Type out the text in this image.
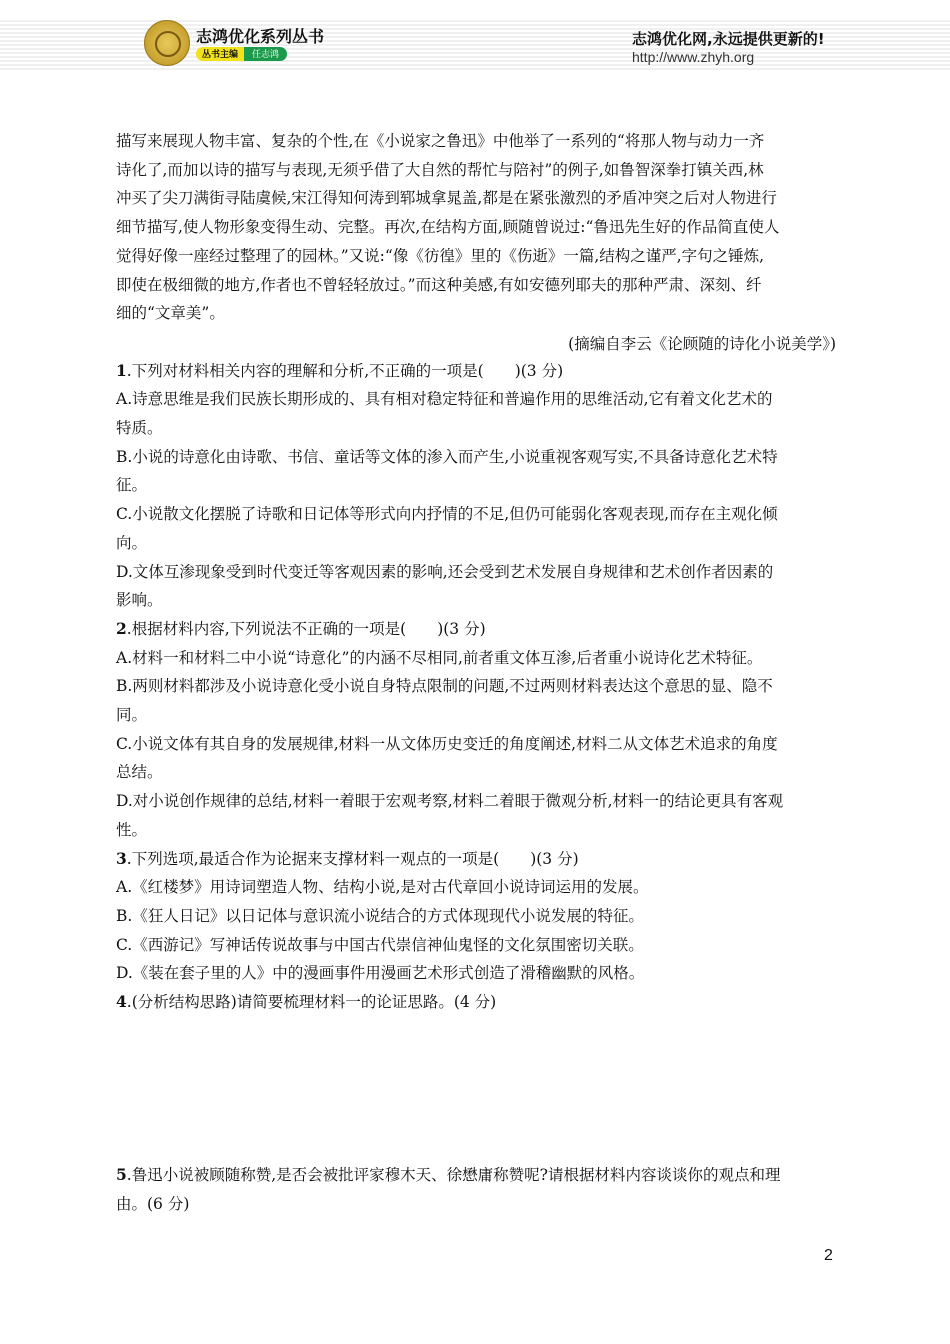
志鸿优化系列丛书
丛书主编	任志鸿
志鸿优化网,永远提供更新的!
http://www.zhyh.org
描写来展现人物丰富、复杂的个性,在《小说家之鲁迅》中他举了一系列的“将那人物与动力一齐
诗化了,而加以诗的描写与表现,无须乎借了大自然的帮忙与陪衬”的例子,如鲁智深拳打镇关西,林
冲买了尖刀满街寻陆虞候,宋江得知何涛到郓城拿晁盖,都是在紧张激烈的矛盾冲突之后对人物进行
细节描写,使人物形象变得生动、完整。再次,在结构方面,顾随曾说过:“鲁迅先生好的作品简直使人
觉得好像一座经过整理了的园林。”又说:“像《彷徨》里的《伤逝》一篇,结构之谨严,字句之锤炼,
即使在极细微的地方,作者也不曾轻轻放过。”而这种美感,有如安德列耶夫的那种严肃、深刻、纤
细的“文章美”。
(摘编自李云《论顾随的诗化小说美学》)
1.下列对材料相关内容的理解和分析,不正确的一项是(　　)(3 分)
A.诗意思维是我们民族长期形成的、具有相对稳定特征和普遍作用的思维活动,它有着文化艺术的
特质。
B.小说的诗意化由诗歌、书信、童话等文体的渗入而产生,小说重视客观写实,不具备诗意化艺术特
征。
C.小说散文化摆脱了诗歌和日记体等形式向内抒情的不足,但仍可能弱化客观表现,而存在主观化倾
向。
D.文体互渗现象受到时代变迁等客观因素的影响,还会受到艺术发展自身规律和艺术创作者因素的
影响。
2.根据材料内容,下列说法不正确的一项是(　　)(3 分)
A.材料一和材料二中小说“诗意化”的内涵不尽相同,前者重文体互渗,后者重小说诗化艺术特征。
B.两则材料都涉及小说诗意化受小说自身特点限制的问题,不过两则材料表达这个意思的显、隐不
同。
C.小说文体有其自身的发展规律,材料一从文体历史变迁的角度阐述,材料二从文体艺术追求的角度
总结。
D.对小说创作规律的总结,材料一着眼于宏观考察,材料二着眼于微观分析,材料一的结论更具有客观
性。
3.下列选项,最适合作为论据来支撑材料一观点的一项是(　　)(3 分)
A.《红楼梦》用诗词塑造人物、结构小说,是对古代章回小说诗词运用的发展。
B.《狂人日记》以日记体与意识流小说结合的方式体现现代小说发展的特征。
C.《西游记》写神话传说故事与中国古代崇信神仙鬼怪的文化氛围密切关联。
D.《装在套子里的人》中的漫画事件用漫画艺术形式创造了滑稽幽默的风格。
4.(分析结构思路)请简要梳理材料一的论证思路。(4 分)
5.鲁迅小说被顾随称赞,是否会被批评家穆木天、徐懋庸称赞呢?请根据材料内容谈谈你的观点和理
由。(6 分)
2
